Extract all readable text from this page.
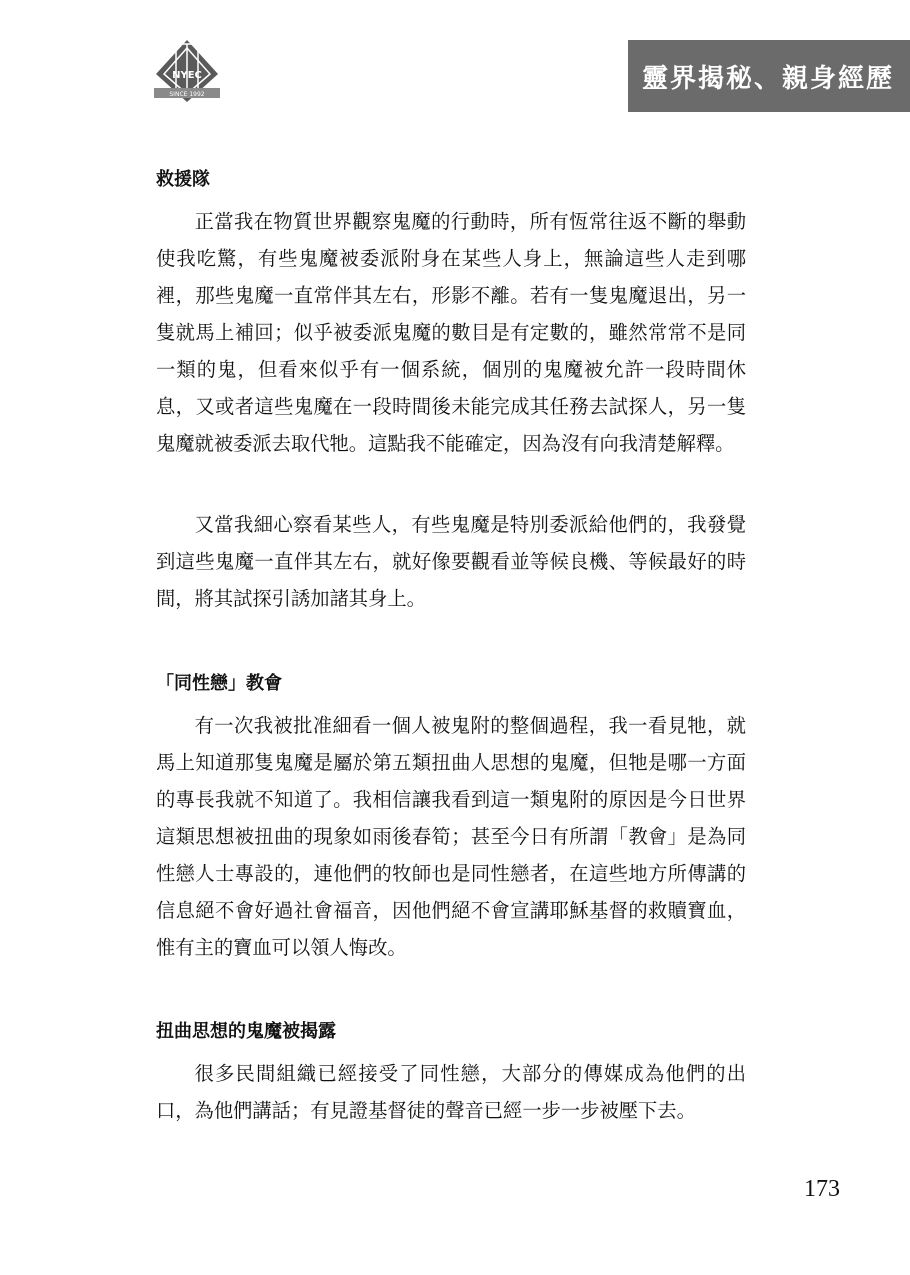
NYEC
SINCE 1992
靈界揭秘、親身經歷
救援隊

正當我在物質世界觀察鬼魔的行動時，所有恆常往返不斷的舉動使我吃驚，有些鬼魔被委派附身在某些人身上，無論這些人走到哪裡，那些鬼魔一直常伴其左右，形影不離。若有一隻鬼魔退出，另一隻就馬上補回；似乎被委派鬼魔的數目是有定數的，雖然常常不是同一類的鬼，但看來似乎有一個系統，個別的鬼魔被允許一段時間休息，又或者這些鬼魔在一段時間後未能完成其任務去試探人，另一隻鬼魔就被委派去取代牠。這點我不能確定，因為沒有向我清楚解釋。

又當我細心察看某些人，有些鬼魔是特別委派給他們的，我發覺到這些鬼魔一直伴其左右，就好像要觀看並等候良機、等候最好的時間，將其試探引誘加諸其身上。

「同性戀」教會

有一次我被批准細看一個人被鬼附的整個過程，我一看見牠，就馬上知道那隻鬼魔是屬於第五類扭曲人思想的鬼魔，但牠是哪一方面的專長我就不知道了。我相信讓我看到這一類鬼附的原因是今日世界這類思想被扭曲的現象如雨後春筍；甚至今日有所謂「教會」是為同性戀人士專設的，連他們的牧師也是同性戀者，在這些地方所傳講的信息絕不會好過社會福音，因他們絕不會宣講耶穌基督的救贖寶血，惟有主的寶血可以領人悔改。

扭曲思想的鬼魔被揭露

很多民間組織已經接受了同性戀，大部分的傳媒成為他們的出口，為他們講話；有見證基督徒的聲音已經一步一步被壓下去。

173
